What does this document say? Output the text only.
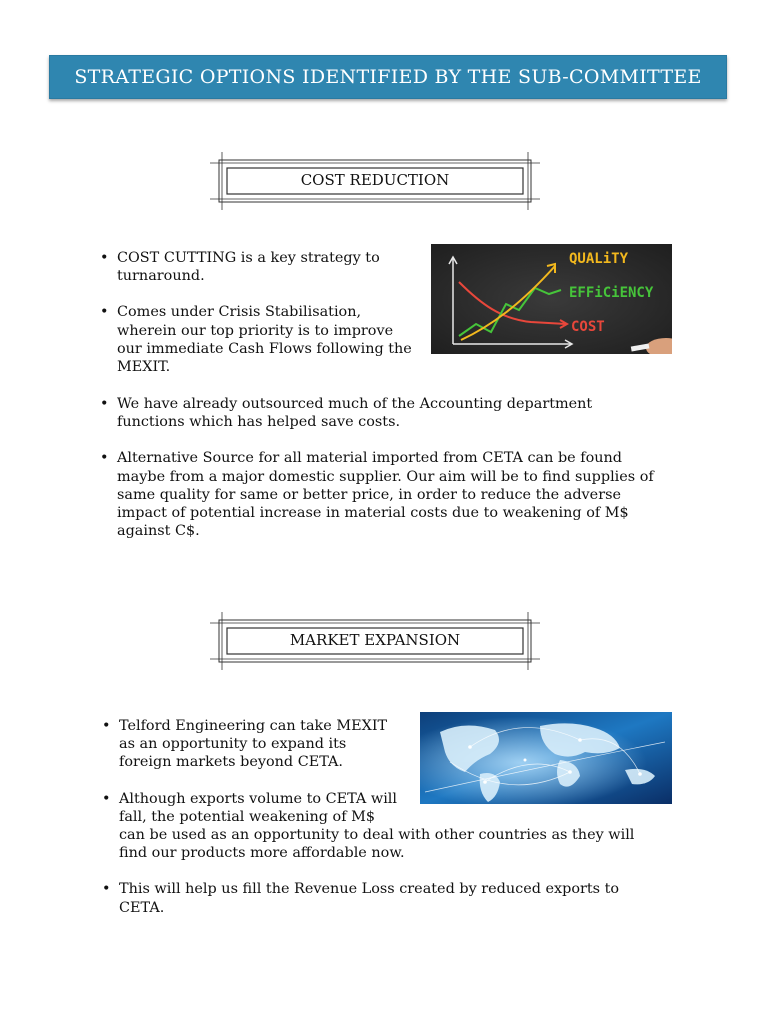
STRATEGIC OPTIONS IDENTIFIED BY THE SUB-COMMITTEE
COST REDUCTION
• COST CUTTING is a key strategy to
turnaround.
• Comes under Crisis Stabilisation,
wherein our top priority is to improve
our immediate Cash Flows following the
MEXIT.
• We have already outsourced much of the Accounting department
functions which has helped save costs.
• Alternative Source for all material imported from CETA can be found
maybe from a major domestic supplier. Our aim will be to find supplies of
same quality for same or better price, in order to reduce the adverse
impact of potential increase in material costs due to weakening of M$
against C$.
QUALiTY
EFFiCiENCY
COST
MARKET EXPANSION
• Telford Engineering can take MEXIT
as an opportunity to expand its
foreign markets beyond CETA.
• Although exports volume to CETA will
fall, the potential weakening of M$
can be used as an opportunity to deal with other countries as they will
find our products more affordable now.
• This will help us fill the Revenue Loss created by reduced exports to
CETA.
